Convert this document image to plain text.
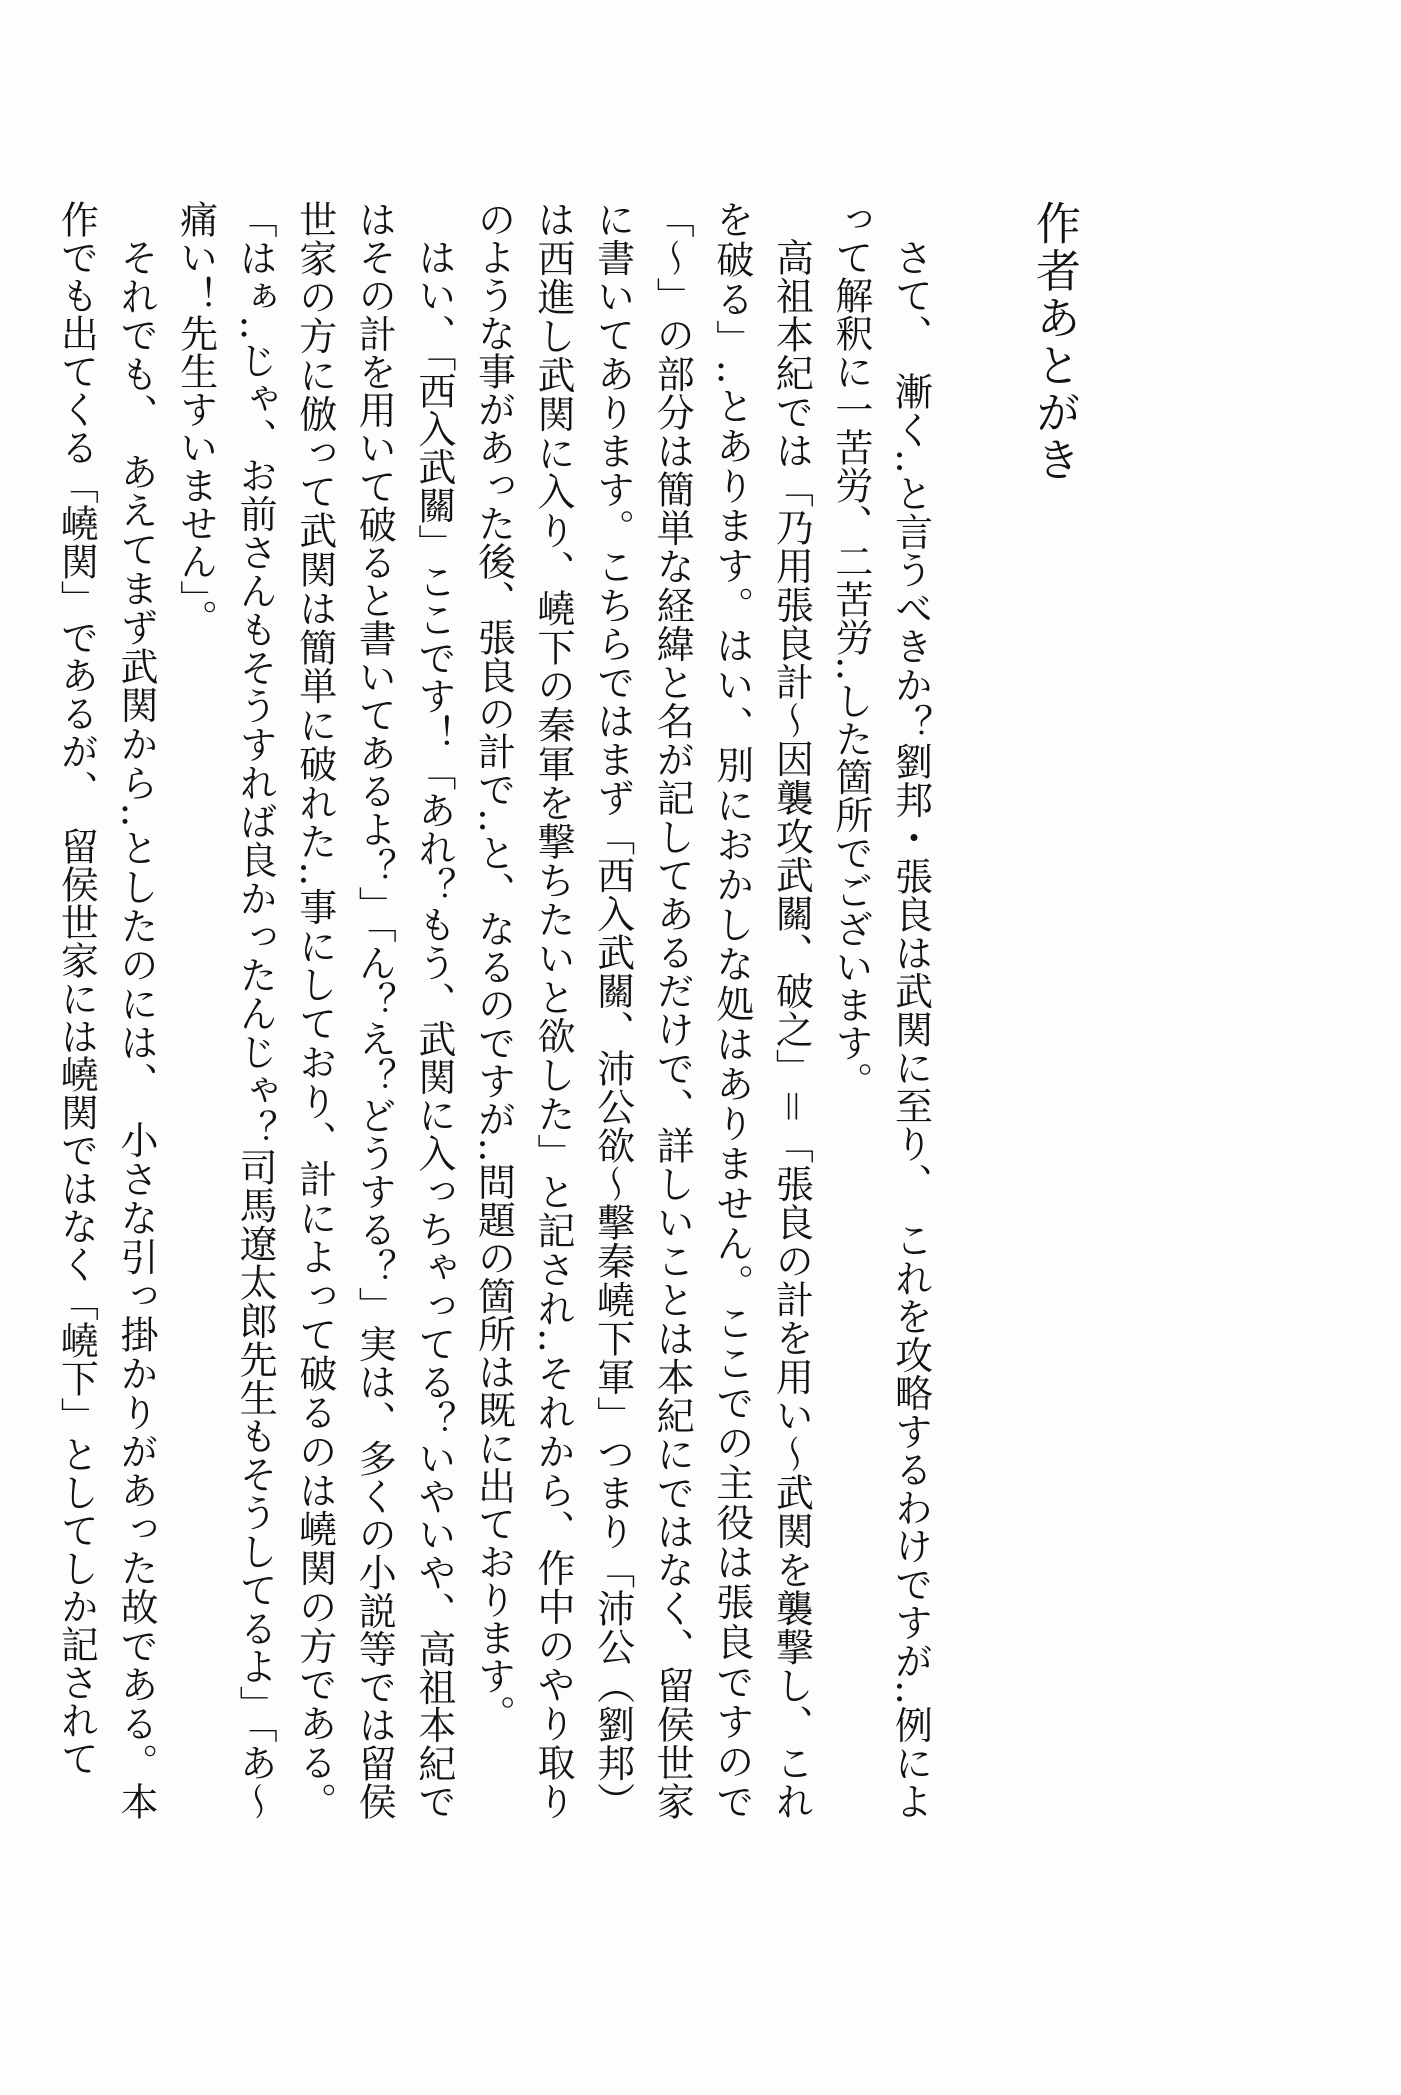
作者あとがき

さて、　漸く‥と言うべきか？劉邦・張良は武関に至り、　これを攻略するわけですが‥例によって解釈に一苦労、二苦労‥した箇所でございます。

高祖本紀では「乃用張良計～因襲攻武關、破之」＝「張良の計を用い～武関を襲撃し、これを破る」‥とあります。はい、別におかしな処はありません。ここでの主役は張良ですので「～」の部分は簡単な経緯と名が記してあるだけで、詳しいことは本紀にではなく、留侯世家に書いてあります。こちらではまず「西入武關、沛公欲～擊秦嶢下軍」つまり「沛公（劉邦）は西進し武関に入り、嶢下の秦軍を撃ちたいと欲した」と記され‥それから、作中のやり取りのような事があった後、張良の計で‥と、なるのですが‥問題の箇所は既に出ております。

はい、「西入武關」ここです！「あれ？もう、武関に入っちゃってる？いやいや、高祖本紀ではその計を用いて破ると書いてあるよ？」「ん？え？どうする？」実は、多くの小説等では留侯世家の方に倣って武関は簡単に破れた‥事にしており、計によって破るのは嶢関の方である。「はぁ‥じゃ、お前さんもそうすれば良かったんじゃ？司馬遼太郎先生もそうしてるよ」「あ～痛い！先生すいません」。

それでも、　あえてまず武関から‥としたのには、　小さな引っ掛かりがあった故である。本作でも出てくる「嶢関」であるが、　留侯世家には嶢関ではなく「嶢下」としてしか記されて
